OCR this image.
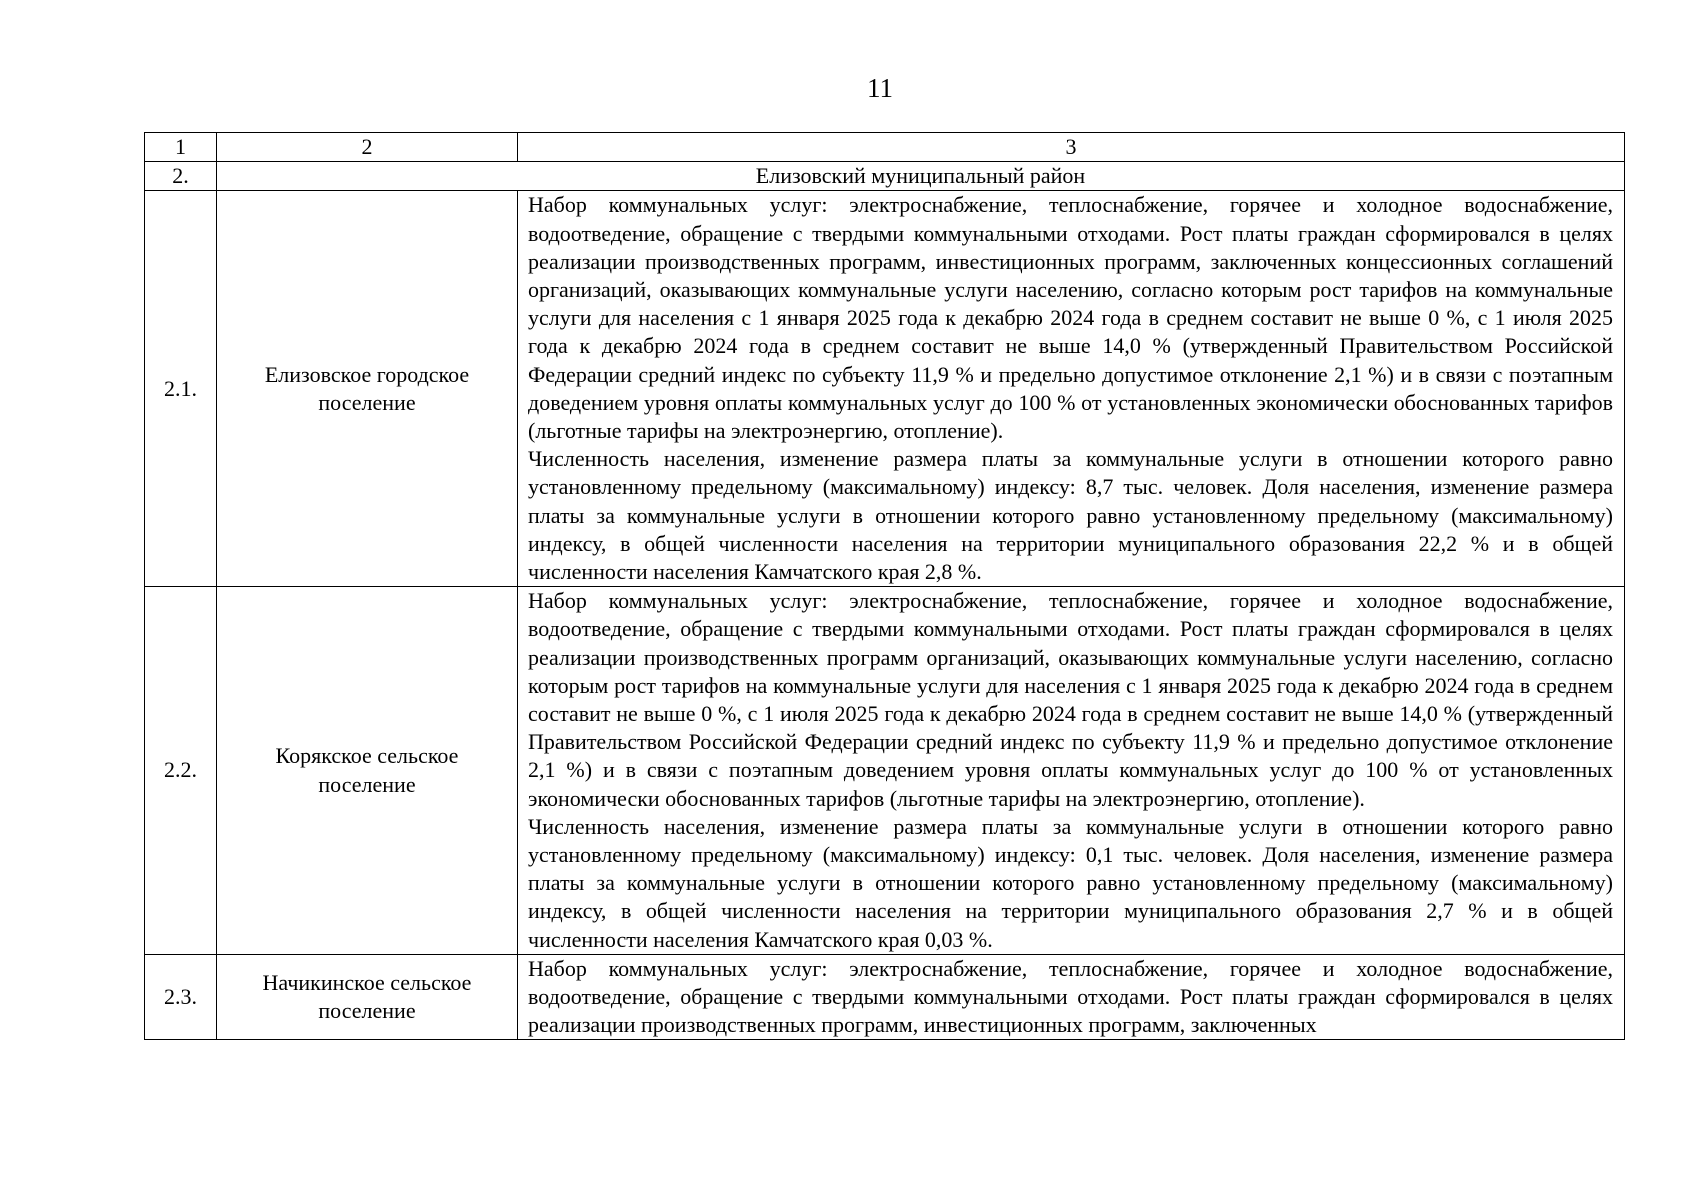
11
1	2	3
2.	Елизовский муниципальный район	
2.1.	Елизовское городское поселение	Набор коммунальных услуг: электроснабжение, теплоснабжение, горячее и холодное водоснабжение, водоотведение, обращение с твердыми коммунальными отходами. Рост платы граждан сформировался в целях реализации производственных программ, инвестиционных программ, заключенных концессионных соглашений организаций, оказывающих коммунальные услуги населению, согласно которым рост тарифов на коммунальные услуги для населения с 1 января 2025 года к декабрю 2024 года в среднем составит не выше 0 %, с 1 июля 2025 года к декабрю 2024 года в среднем составит не выше 14,0 % (утвержденный Правительством Российской Федерации средний индекс по субъекту 11,9 % и предельно допустимое отклонение 2,1 %) и в связи с поэтапным доведением уровня оплаты коммунальных услуг до 100 % от установленных экономически обоснованных тарифов (льготные тарифы на электроэнергию, отопление).

Численность населения, изменение размера платы за коммунальные услуги в отношении которого равно установленному предельному (максимальному) индексу: 8,7 тыс. человек. Доля населения, изменение размера платы за коммунальные услуги в отношении которого равно установленному предельному (максимальному) индексу, в общей численности населения на территории муниципального образования 22,2 % и в общей численности населения Камчатского края 2,8 %.

2.2.	Корякское сельское поселение	Набор коммунальных услуг: электроснабжение, теплоснабжение, горячее и холодное водоснабжение, водоотведение, обращение с твердыми коммунальными отходами. Рост платы граждан сформировался в целях реализации производственных программ организаций, оказывающих коммунальные услуги населению, согласно которым рост тарифов на коммунальные услуги для населения с 1 января 2025 года к декабрю 2024 года в среднем составит не выше 0 %, с 1 июля 2025 года к декабрю 2024 года в среднем составит не выше 14,0 % (утвержденный Правительством Российской Федерации средний индекс по субъекту 11,9 % и предельно допустимое отклонение 2,1 %) и в связи с поэтапным доведением уровня оплаты коммунальных услуг до 100 % от установленных экономически обоснованных тарифов (льготные тарифы на электроэнергию, отопление).

Численность населения, изменение размера платы за коммунальные услуги в отношении которого равно установленному предельному (максимальному) индексу: 0,1 тыс. человек. Доля населения, изменение размера платы за коммунальные услуги в отношении которого равно установленному предельному (максимальному) индексу, в общей численности населения на территории муниципального образования 2,7 % и в общей численности населения Камчатского края 0,03 %.

2.3.	Начикинское сельское поселение	Набор коммунальных услуг: электроснабжение, теплоснабжение, горячее и холодное водоснабжение, водоотведение, обращение с твердыми коммунальными отходами. Рост платы граждан сформировался в целях реализации производственных программ, инвестиционных программ, заключенных
